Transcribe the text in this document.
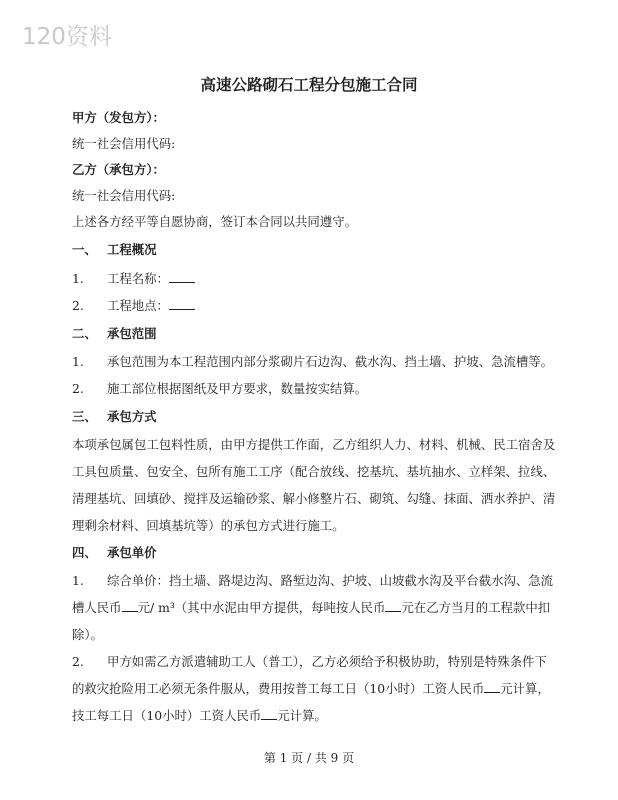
120资料
高速公路砌石工程分包施工合同
甲方（发包方）：
统一社会信用代码:
乙方（承包方）：
统一社会信用代码:
上述各方经平等自愿协商，签订本合同以共同遵守。
一、 工程概况
1. 工程名称：
2. 工程地点：
二、 承包范围
1. 承包范围为本工程范围内部分浆砌片石边沟、截水沟、挡土墙、护坡、急流槽等。
2. 施工部位根据图纸及甲方要求，数量按实结算。
三、 承包方式
本项承包属包工包料性质，由甲方提供工作面，乙方组织人力、材料、机械、民工宿舍及
工具包质量、包安全、包所有施工工序（配合放线、挖基坑、基坑抽水、立样架、拉线、
清理基坑、回填砂、搅拌及运输砂浆、解小修整片石、砌筑、勾缝、抹面、洒水养护、清
理剩余材料、回填基坑等）的承包方式进行施工。
四、 承包单价
1. 综合单价：挡土墙、路堤边沟、路堑边沟、护坡、山坡截水沟及平台截水沟、急流
槽人民币 元/ m³（其中水泥由甲方提供，每吨按人民币 元在乙方当月的工程款中扣
除）。
2. 甲方如需乙方派遣辅助工人（普工），乙方必须给予积极协助，特别是特殊条件下
的救灾抢险用工必须无条件服从，费用按普工每工日（10小时）工资人民币 元计算，
技工每工日（10小时）工资人民币 元计算。
第 1 页 / 共 9 页
